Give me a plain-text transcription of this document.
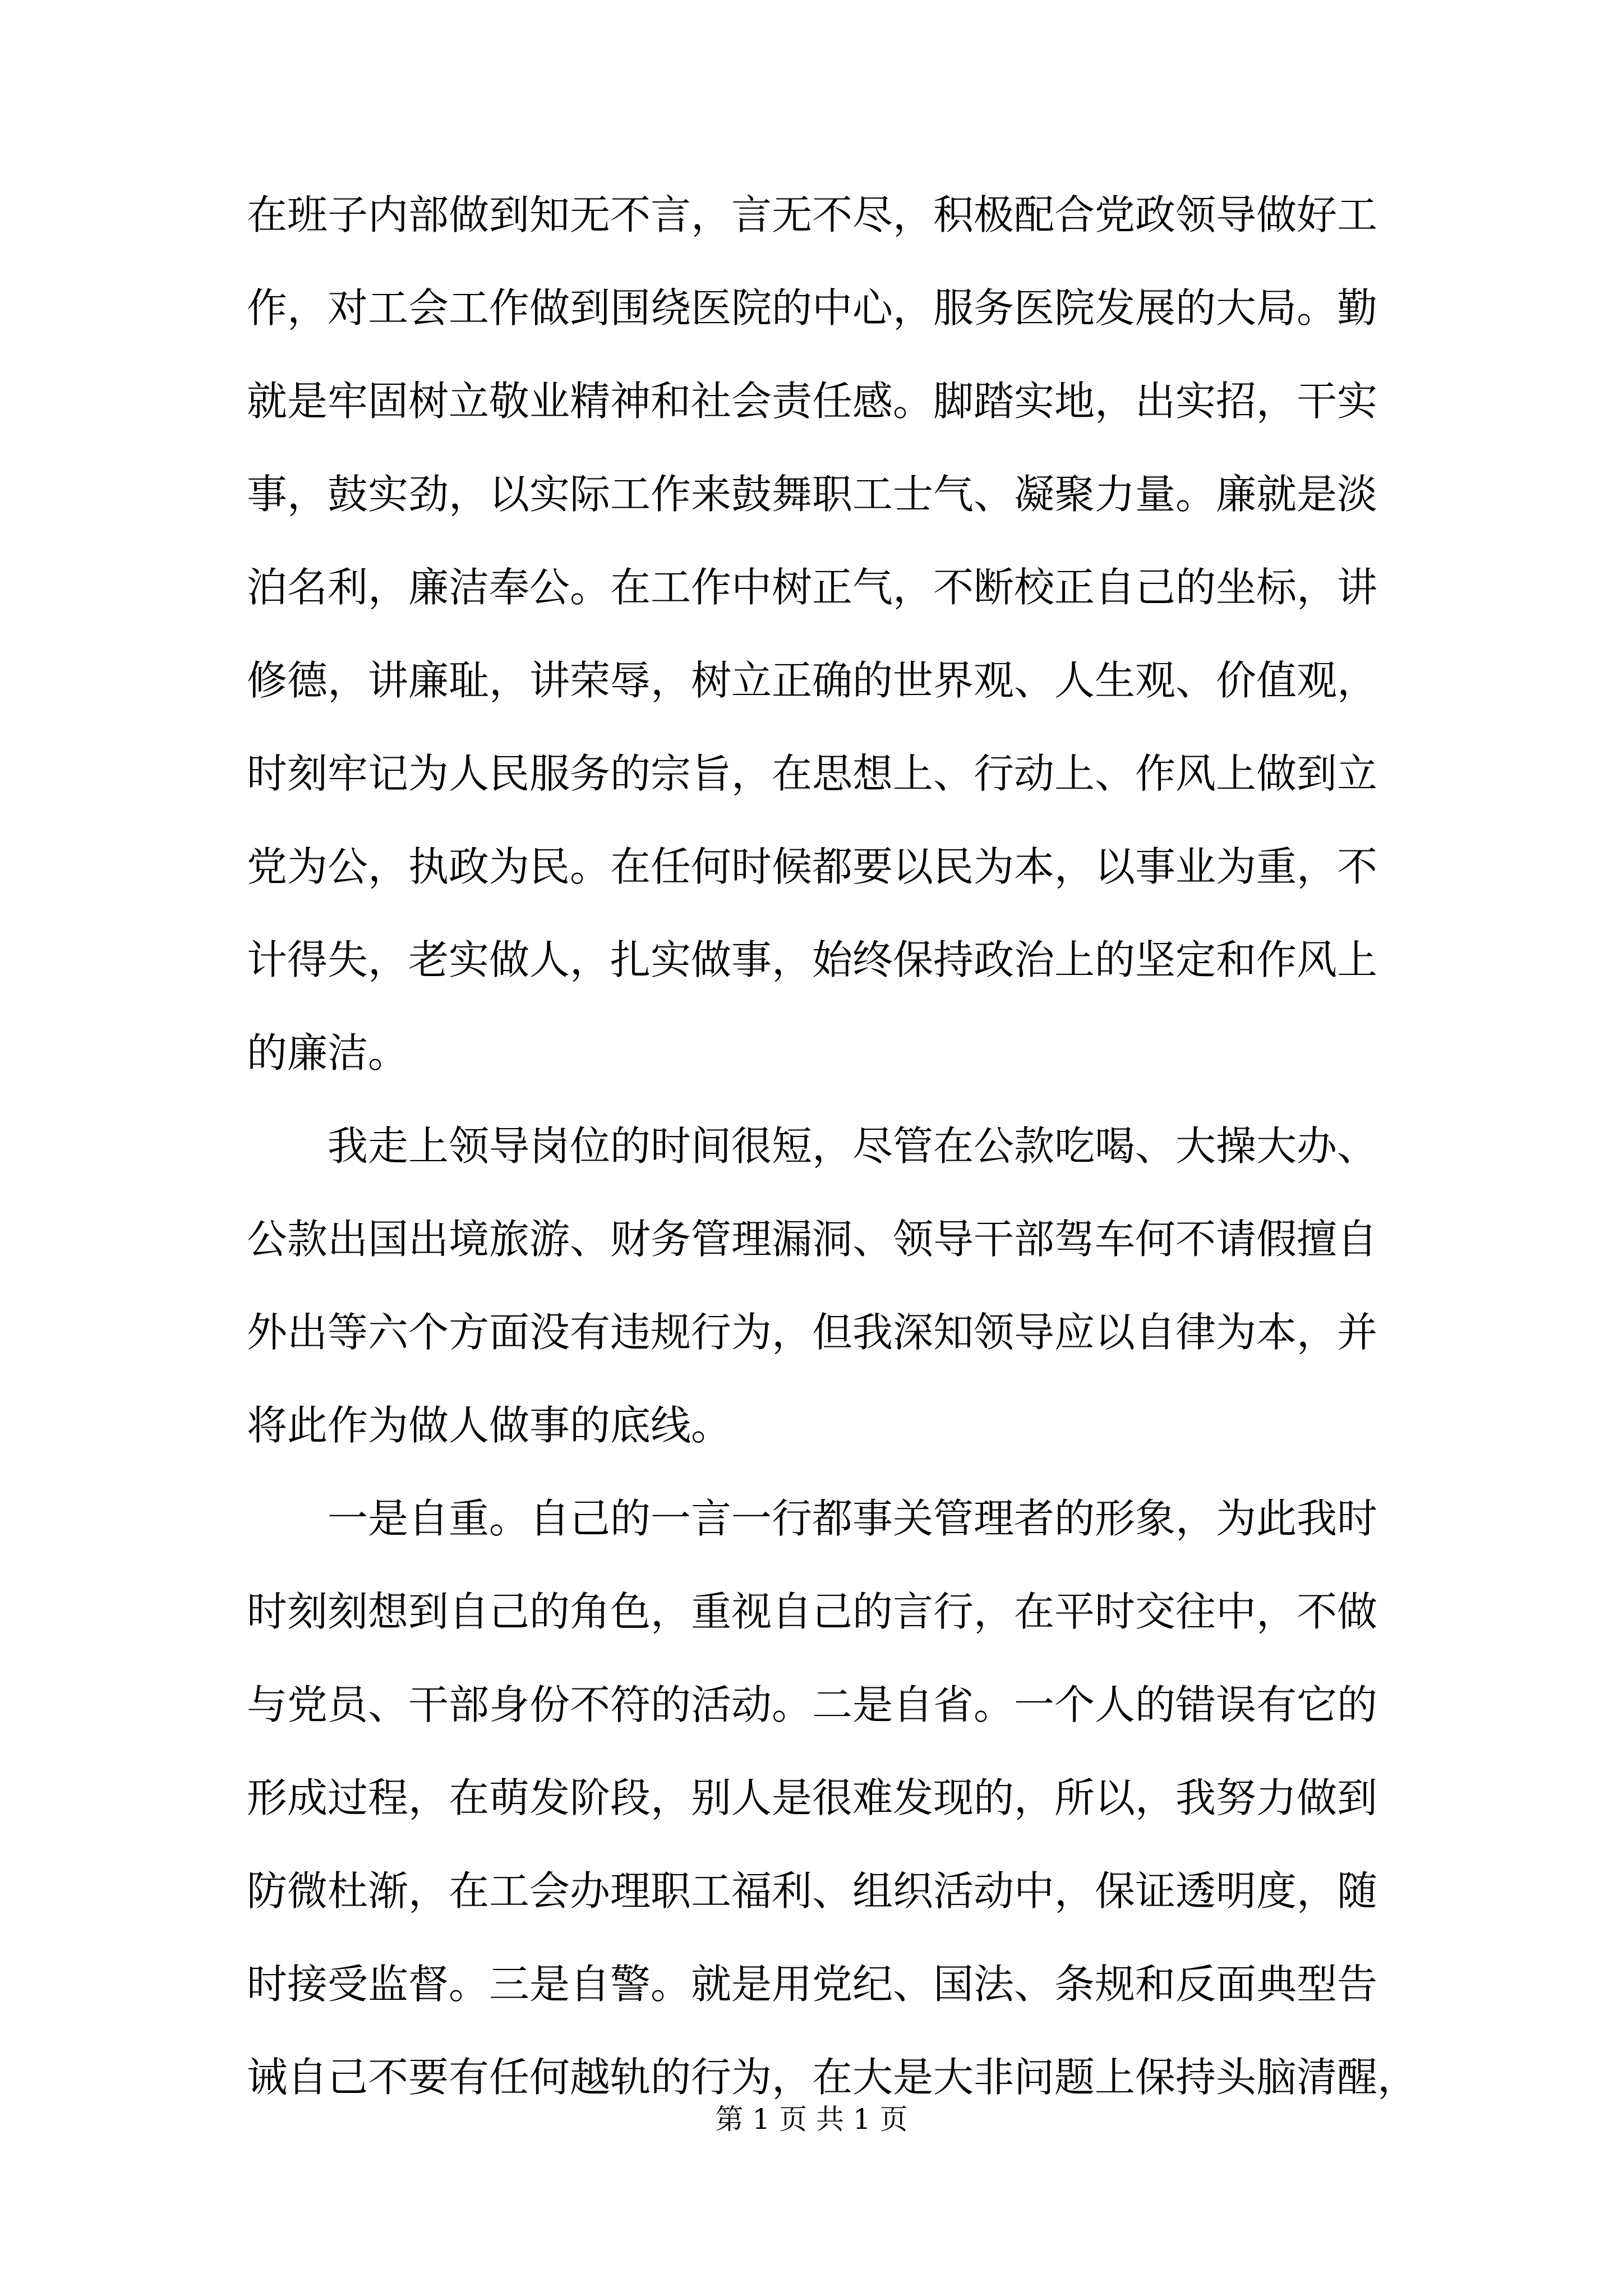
在班子内部做到知无不言，言无不尽，积极配合党政领导做好工
作，对工会工作做到围绕医院的中心，服务医院发展的大局。勤
就是牢固树立敬业精神和社会责任感。脚踏实地，出实招，干实
事，鼓实劲，以实际工作来鼓舞职工士气、凝聚力量。廉就是淡
泊名利，廉洁奉公。在工作中树正气，不断校正自己的坐标，讲
修德，讲廉耻，讲荣辱，树立正确的世界观、人生观、价值观，
时刻牢记为人民服务的宗旨，在思想上、行动上、作风上做到立
党为公，执政为民。在任何时候都要以民为本，以事业为重，不
计得失，老实做人，扎实做事，始终保持政治上的坚定和作风上
的廉洁。
　　我走上领导岗位的时间很短，尽管在公款吃喝、大操大办、
公款出国出境旅游、财务管理漏洞、领导干部驾车何不请假擅自
外出等六个方面没有违规行为，但我深知领导应以自律为本，并
将此作为做人做事的底线。
　　一是自重。自己的一言一行都事关管理者的形象，为此我时
时刻刻想到自己的角色，重视自己的言行，在平时交往中，不做
与党员、干部身份不符的活动。二是自省。一个人的错误有它的
形成过程，在萌发阶段，别人是很难发现的，所以，我努力做到
防微杜渐，在工会办理职工福利、组织活动中，保证透明度，随
时接受监督。三是自警。就是用党纪、国法、条规和反面典型告
诫自己不要有任何越轨的行为，在大是大非问题上保持头脑清醒，
第 1 页 共 1 页
